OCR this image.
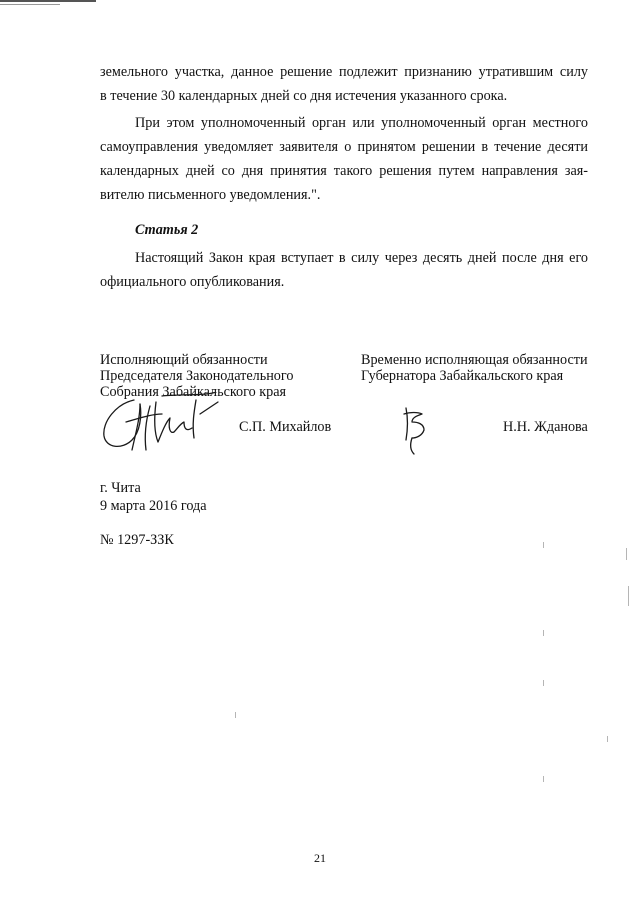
земельного участка, данное решение подлежит признанию утратившим силу
в течение 30 календарных дней со дня истечения указанного срока.
При этом уполномоченный орган или уполномоченный орган местного
самоуправления уведомляет заявителя о принятом решении в течение десяти
календарных дней со дня принятия такого решения путем направления зая-
вителю письменного уведомления.".
Статья 2
Настоящий Закон края вступает в силу через десять дней после дня его
официального опубликования.
Исполняющий обязанности
Председателя Законодательного
Собрания Забайкальского края
С.П. Михайлов
Временно исполняющая обязанности
Губернатора Забайкальского края
Н.Н. Жданова
г. Чита
9 марта 2016 года
№ 1297-ЗЗК
21
